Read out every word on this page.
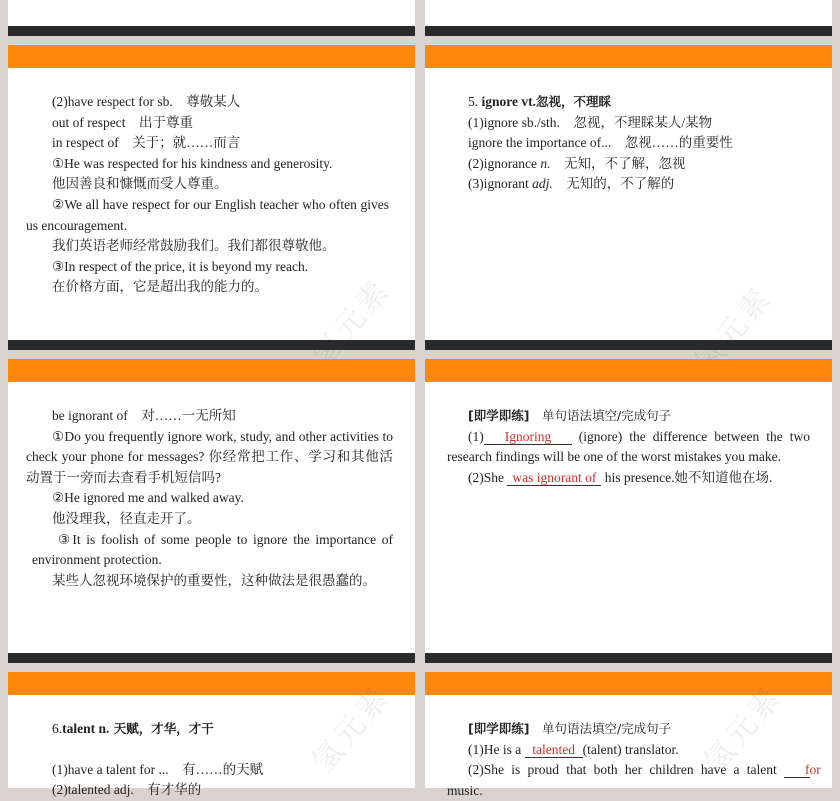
(2)have respect for sb.　尊敬某人
out of respect　出于尊重
in respect of　关于；就……而言
①He was respected for his kindness and generosity.
他因善良和慷慨而受人尊重。
②We all have respect for our English teacher who often gives us encouragement.
我们英语老师经常鼓励我们。我们都很尊敬他。
③In respect of the price, it is beyond my reach.
在价格方面，它是超出我的能力的。	氢元素
5. ignore vt.忽视，不理睬
(1)ignore sb./sth.　忽视，不理睬某人/某物
ignore the importance of...　忽视……的重要性
(2)ignorance n.　无知，不了解，忽视
(3)ignorant adj.　无知的，不了解的
氢元素
be ignorant of　对……一无所知
①Do you frequently ignore work, study, and other activities to check your phone for messages? 你经常把工作、学习和其他活动置于一旁而去查看手机短信吗?
②He ignored me and walked away.
他没理我，径直走开了。
③It is foolish of some people to ignore the importance of environment protection.
某些人忽视环境保护的重要性，这种做法是很愚蠢的。
[即学即练]　单句语法填空/完成句子
(1) Ignoring (ignore) the difference between the two research findings will be one of the worst mistakes you make.
(2)She was ignorant of his presence.她不知道他在场.
6.talent n. 天赋，才华，才干
(1)have a talent for ...　有……的天赋
(2)talented adj.　有才华的
氢元素	[即学即练]　单句语法填空/完成句子
(1)He is a talented (talent) translator.
(2)She is proud that both her children have a talent for music.
氢元素
